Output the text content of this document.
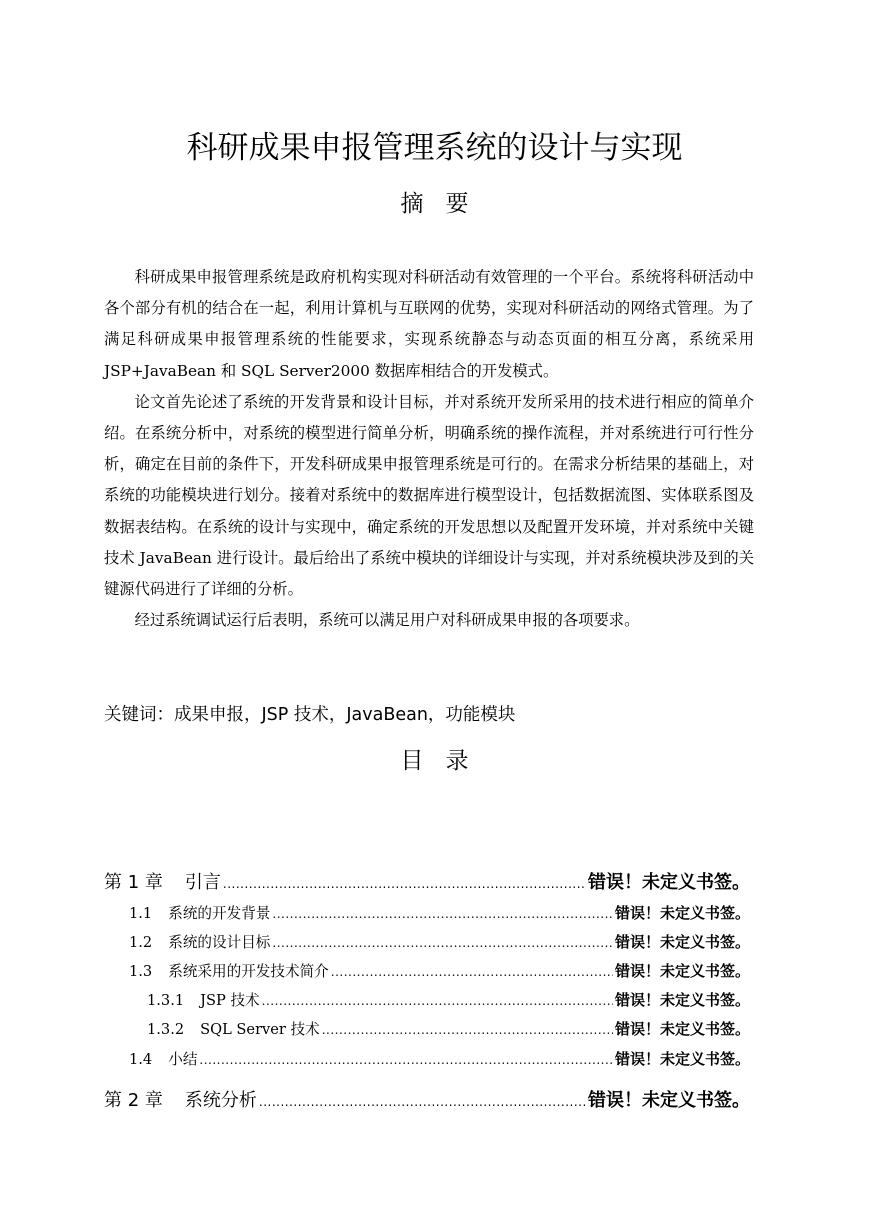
科研成果申报管理系统的设计与实现
摘要

科研成果申报管理系统是政府机构实现对科研活动有效管理的一个平台。系统将科研活动中各个部分有机的结合在一起，利用计算机与互联网的优势，实现对科研活动的网络式管理。为了满足科研成果申报管理系统的性能要求，实现系统静态与动态页面的相互分离，系统采用 JSP+JavaBean 和 SQL Server2000 数据库相结合的开发模式。

论文首先论述了系统的开发背景和设计目标，并对系统开发所采用的技术进行相应的简单介绍。在系统分析中，对系统的模型进行简单分析，明确系统的操作流程，并对系统进行可行性分析，确定在目前的条件下，开发科研成果申报管理系统是可行的。在需求分析结果的基础上，对系统的功能模块进行划分。接着对系统中的数据库进行模型设计，包括数据流图、实体联系图及数据表结构。在系统的设计与实现中，确定系统的开发思想以及配置开发环境，并对系统中关键技术 JavaBean 进行设计。最后给出了系统中模块的详细设计与实现，并对系统模块涉及到的关键源代码进行了详细的分析。

经过系统调试运行后表明，系统可以满足用户对科研成果申报的各项要求。

关键词：成果申报，JSP 技术，JavaBean，功能模块
目录
第 1 章 引言 .....	错误！未定义书签。
1.1 系统的开发背景 .....	错误！未定义书签。
1.2 系统的设计目标 .....	错误！未定义书签。
1.3 系统采用的开发技术简介 .....	错误！未定义书签。
1.3.1 JSP 技术 .....	错误！未定义书签。
1.3.2 SQL Server 技术 .....	错误！未定义书签。
1.4 小结 .....	错误！未定义书签。
第 2 章 系统分析 .....	错误！未定义书签。
